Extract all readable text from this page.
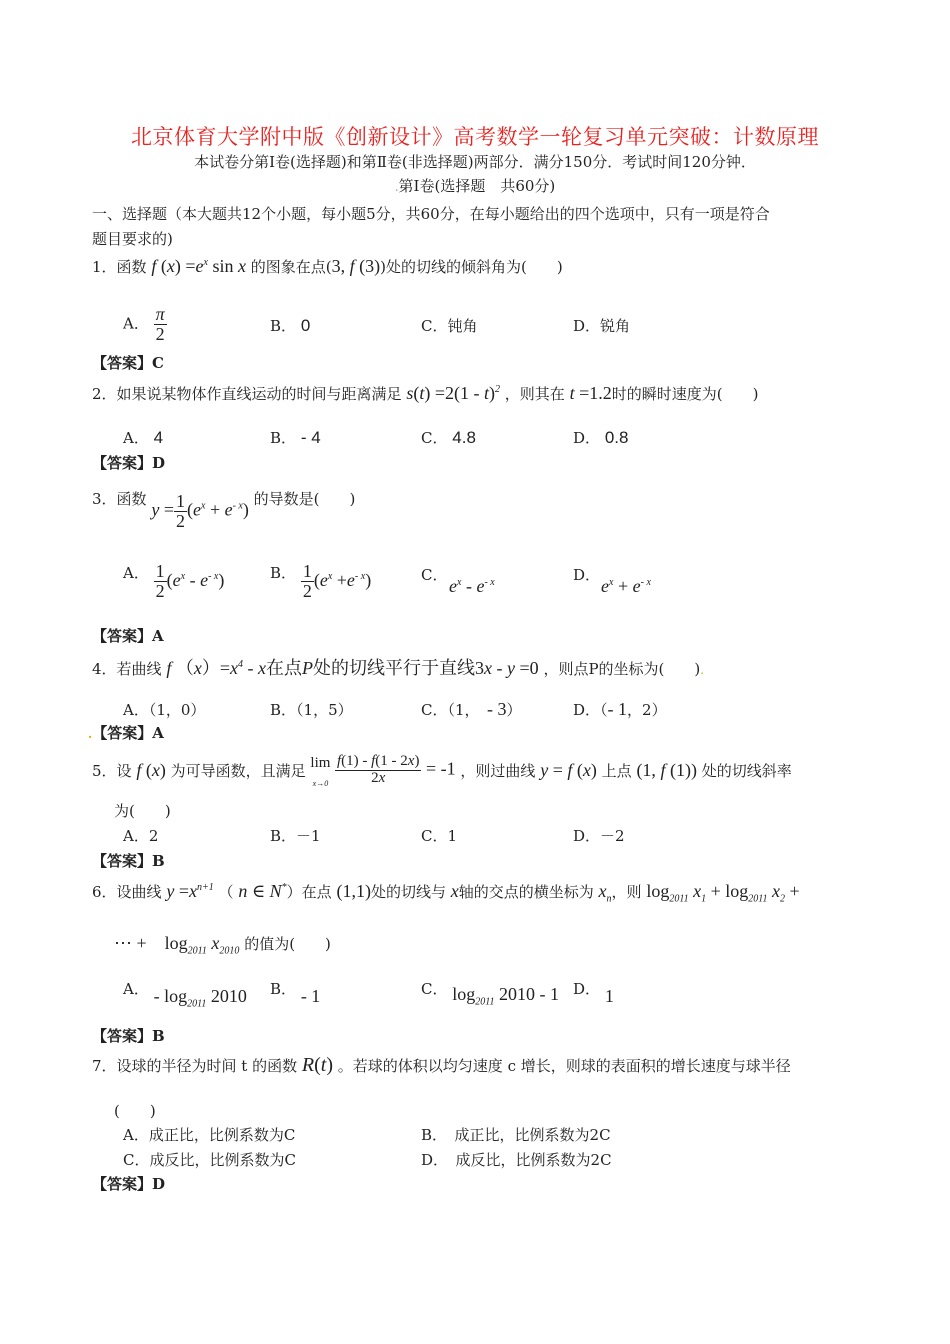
北京体育大学附中版《创新设计》高考数学一轮复习单元突破：计数原理
本试卷分第Ⅰ卷(选择题)和第Ⅱ卷(非选择题)两部分．满分150分．考试时间120分钟．
.第Ⅰ卷(选择题　共60分)
一、选择题（本大题共12个小题，每小题5分，共60分，在每小题给出的四个选项中，只有一项是符合
题目要求的)
1．函数 f $(x) =e^x$ sin x 的图象在点(3, f (3))处的切线的倾斜角为(　　)
A． $\frac{\pi}{2}$	B． 0	C．钝角	D．锐角
【答案】C
2．如果说某物体作直线运动的时间与距离满足 s(t) =2(1 - t)$^2$ ，则其在 t =1.2时的瞬时速度为(　　)
A． 4	B． - 4	C． 4.8	D． 0.8
【答案】D
3．函数 $y = \frac{1}{2} (e^x + e^{- x})$ 的导数是(　　)
A． $\frac{1}{2} (e^x - e^{- x})$	B． $\frac{1}{2} (e^x +e^{- x})$	C．
$e^x - e^{- x}$	D．
$e^x + e^{- x}$
【答案】A
4．若曲线 f $(x)=x^4 - x$在点P处的切线平行于直线3x - y =0 ，则点P的坐标为(　　).
A．（1，0）	B．（1，5）	C．（1，　 - 3）	D．（- 1，2）
.【答案】A
5．设 f (x) 为可导函数，且满足 lim
$x\to 0 \frac{f(1) - f(1 - 2x)}{2x} = -1$ ，则过曲线 y = f (x) 上点 (1, f (1)) 处的切线斜率
为(　　)
A．2	B．－1	C．1	D．－2
【答案】B
6．设曲线 $y =x^{n+1}$ （ n ∈ N*）在点 (1,1)处的切线与 x轴的交点的横坐标为 $x_n$，则 $\log_{2011} x_1 + \log_{2011} x_2$ +
⋯ +　$\log_{2011} x_{2010}$ 的值为(　　)
A． - $\log_{2011} 2010$ B． - 1	C． $\log_{2011} 2010 - 1$ D． 1
【答案】B
7．设球的半径为时间 t 的函数 R(t) 。若球的体积以均匀速度 c 增长，则球的表面积的增长速度与球半径
(　　)
A．成正比，比例系数为C	B．　成正比，比例系数为2C
C．成反比，比例系数为C	D．　成反比，比例系数为2C
【答案】D
